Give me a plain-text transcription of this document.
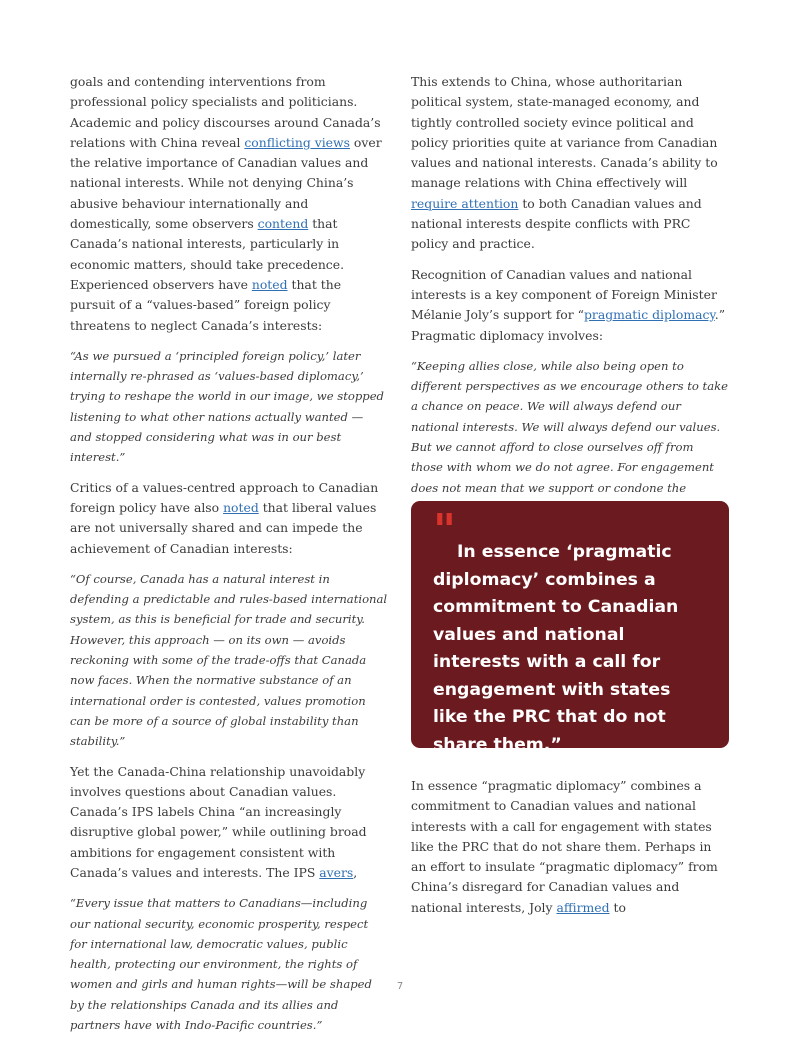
goals and contending interventions from professional policy specialists and politicians. Academic and policy discourses around Canada’s relations with China reveal conflicting views over the relative importance of Canadian values and national interests. While not denying China’s abusive behaviour internationally and domestically, some observers contend that Canada’s national interests, particularly in economic matters, should take precedence. Experienced observers have noted that the pursuit of a “values-based” foreign policy threatens to neglect Canada’s interests:

“As we pursued a ‘principled foreign policy,’ later internally re-phrased as ‘values-based diplomacy,’ trying to reshape the world in our image, we stopped listening to what other nations actually wanted — and stopped considering what was in our best interest.”

Critics of a values-centred approach to Canadian foreign policy have also noted that liberal values are not universally shared and can impede the achievement of Canadian interests:

“Of course, Canada has a natural interest in defending a predictable and rules-based international system, as this is beneficial for trade and security. However, this approach — on its own — avoids reckoning with some of the trade-offs that Canada now faces. When the normative substance of an international order is contested, values promotion can be more of a source of global instability than stability.”

Yet the Canada-China relationship unavoidably involves questions about Canadian values. Canada’s IPS labels China “an increasingly disruptive global power,” while outlining broad ambitions for engagement consistent with Canada’s values and interests. The IPS avers,

“Every issue that matters to Canadians—including our national security, economic prosperity, respect for international law, democratic values, public health, protecting our environment, the rights of women and girls and human rights—will be shaped by the relationships Canada and its allies and partners have with Indo-Pacific countries.”

This extends to China, whose authoritarian political system, state-managed economy, and tightly controlled society evince political and policy priorities quite at variance from Canadian values and national interests. Canada’s ability to manage relations with China effectively will require attention to both Canadian values and national interests despite conflicts with PRC policy and practice.

Recognition of Canadian values and national interests is a key component of Foreign Minister Mélanie Joly’s support for “pragmatic diplomacy.” Pragmatic diplomacy involves:

“Keeping allies close, while also being open to different perspectives as we encourage others to take a chance on peace. We will always defend our national interests. We will always defend our values. But we cannot afford to close ourselves off from those with whom we do not agree. For engagement does not mean that we support or condone the

" In essence ‘pragmatic diplomacy’ combines a commitment to Canadian values and national interests with a call for engagement with states like the PRC that do not share them.”
In essence “pragmatic diplomacy” combines a commitment to Canadian values and national interests with a call for engagement with states like the PRC that do not share them. Perhaps in an effort to insulate “pragmatic diplomacy” from China’s disregard for Canadian values and national interests, Joly affirmed to
7
